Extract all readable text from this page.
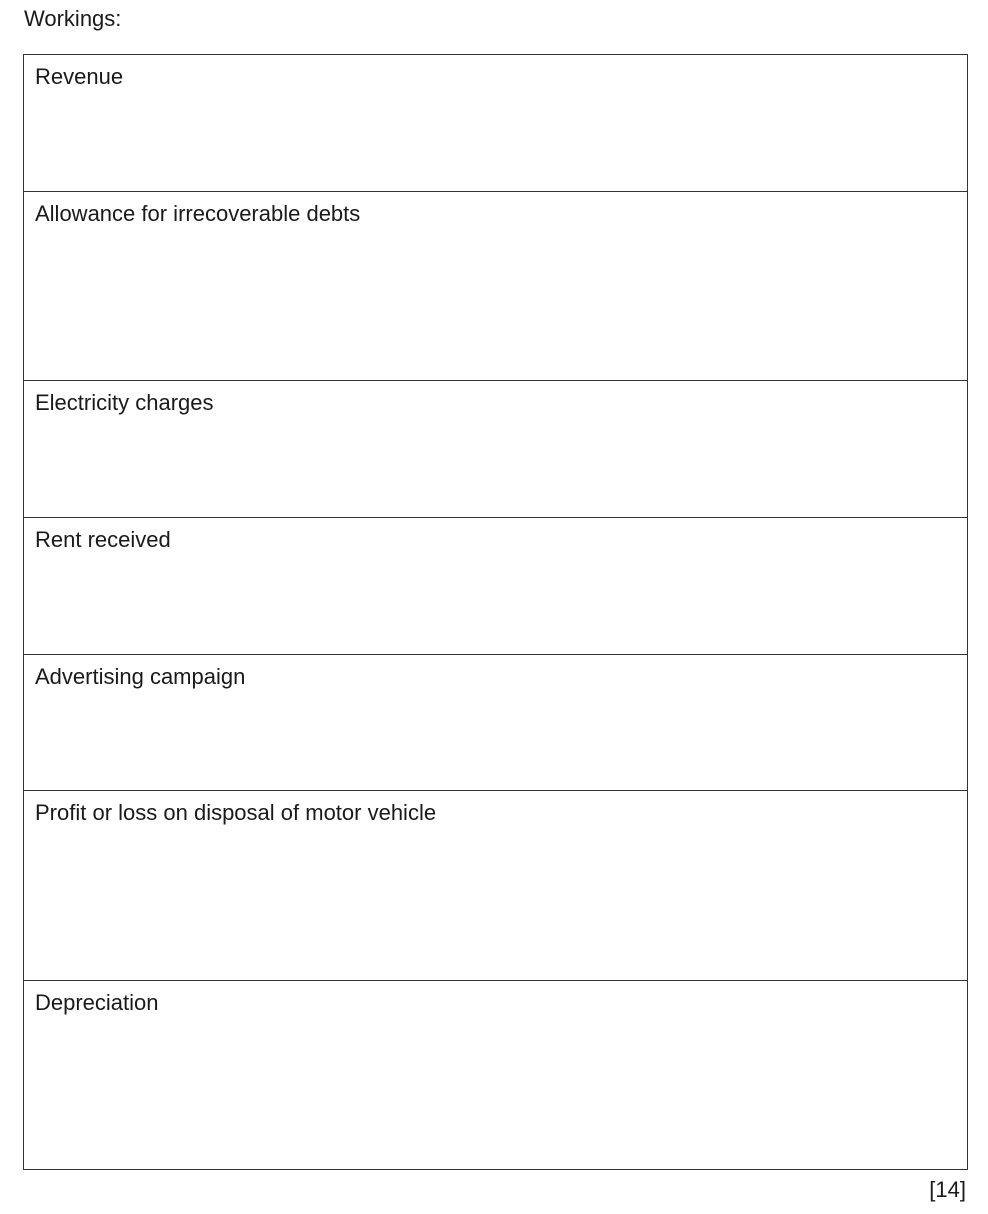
Workings:
Revenue
Allowance for irrecoverable debts
Electricity charges
Rent received
Advertising campaign
Profit or loss on disposal of motor vehicle
Depreciation
[14]
